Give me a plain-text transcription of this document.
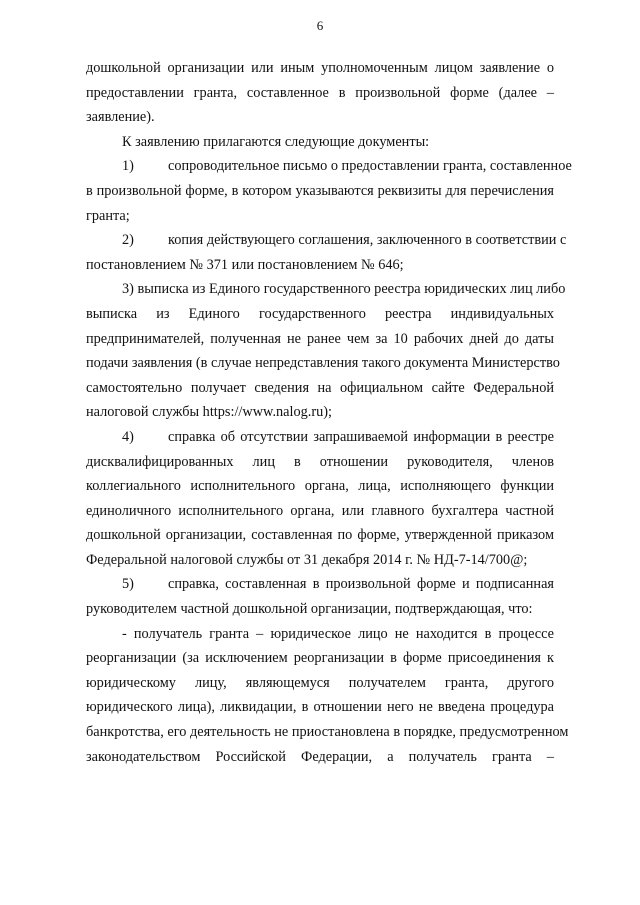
6
дошкольной организации или иным уполномоченным лицом заявление о
предоставлении гранта, составленное в произвольной форме (далее –
заявление).
К заявлению прилагаются следующие документы:
1) сопроводительное письмо о предоставлении гранта, составленное
в произвольной форме, в котором указываются реквизиты для перечисления
гранта;
2) копия действующего соглашения, заключенного в соответствии с
постановлением № 371 или постановлением № 646;
3) выписка из Единого государственного реестра юридических лиц либо
выписка из Единого государственного реестра индивидуальных
предпринимателей, полученная не ранее чем за 10 рабочих дней до даты
подачи заявления (в случае непредставления такого документа Министерство
самостоятельно получает сведения на официальном сайте Федеральной
налоговой службы https://www.nalog.ru);
4) справка об отсутствии запрашиваемой информации в реестре
дисквалифицированных лиц в отношении руководителя, членов
коллегиального исполнительного органа, лица, исполняющего функции
единоличного исполнительного органа, или главного бухгалтера частной
дошкольной организации, составленная по форме, утвержденной приказом
Федеральной налоговой службы от 31 декабря 2014 г. № НД-7-14/700@;
5) справка, составленная в произвольной форме и подписанная
руководителем частной дошкольной организации, подтверждающая, что:
- получатель гранта – юридическое лицо не находится в процессе
реорганизации (за исключением реорганизации в форме присоединения к
юридическому лицу, являющемуся получателем гранта, другого
юридического лица), ликвидации, в отношении него не введена процедура
банкротства, его деятельность не приостановлена в порядке, предусмотренном
законодательством Российской Федерации, а получатель гранта –
